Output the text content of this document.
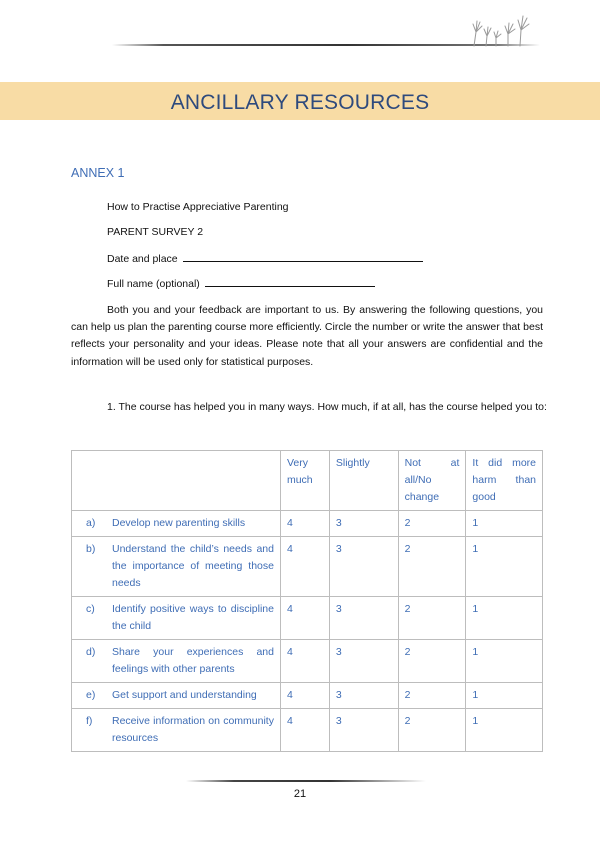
ANCILLARY RESOURCES
ANNEX 1
How to Practise Appreciative Parenting
PARENT SURVEY 2
Date and place
Full name (optional)
Both you and your feedback are important to us. By answering the following questions, you can help us plan the parenting course more efficiently. Circle the number or write the answer that best reflects your personality and your ideas. Please note that all your answers are confidential and the information will be used only for statistical purposes.
1. The course has helped you in many ways. How much, if at all, has the course helped you to:
	Very much	Slightly	Not at all/No change	It did more harm than good

a) Develop new parenting skills	4	3	2	1

b) Understand the child’s needs and the importance of meeting those needs	4	3	2	1

c) Identify positive ways to discipline the child	4	3	2	1

d) Share your experiences and feelings with other parents	4	3	2	1

e) Get support and understanding	4	3	2	1

f) Receive information on community resources	4	3	2	1
21
